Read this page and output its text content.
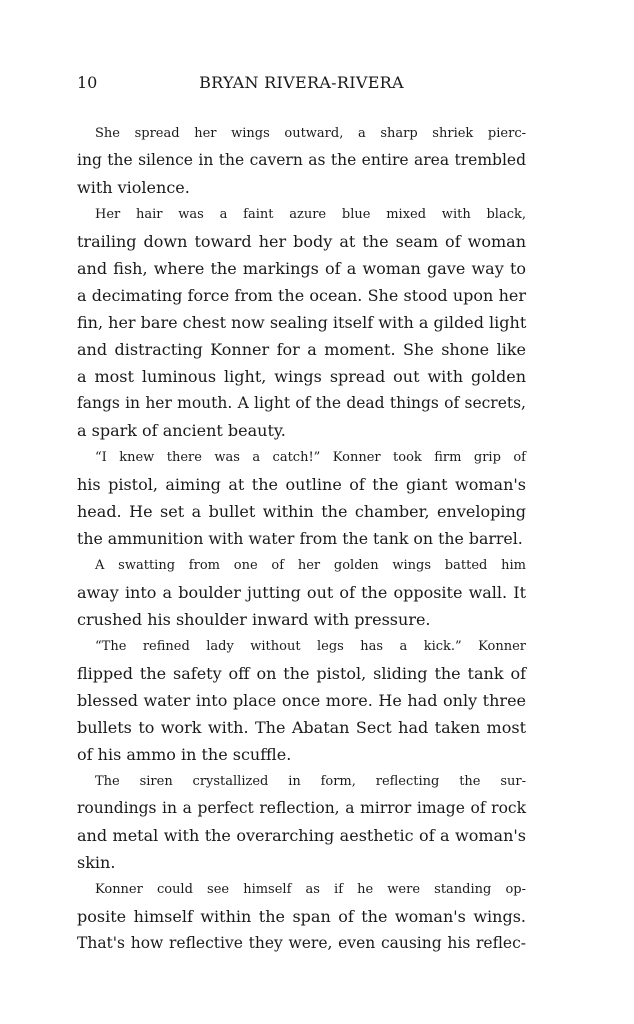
10	BRYAN RIVERA-RIVERA

She spread her wings outward, a sharp shriek pierc-
ing the silence in the cavern as the entire area trembled
with violence.

Her hair was a faint azure blue mixed with black,
trailing down toward her body at the seam of woman
and fish, where the markings of a woman gave way to
a decimating force from the ocean. She stood upon her
fin, her bare chest now sealing itself with a gilded light
and distracting Konner for a moment. She shone like
a most luminous light, wings spread out with golden
fangs in her mouth. A light of the dead things of secrets,
a spark of ancient beauty.

“I knew there was a catch!” Konner took firm grip of
his pistol, aiming at the outline of the giant woman's
head. He set a bullet within the chamber, enveloping
the ammunition with water from the tank on the barrel.

A swatting from one of her golden wings batted him
away into a boulder jutting out of the opposite wall. It
crushed his shoulder inward with pressure.

“The refined lady without legs has a kick.” Konner
flipped the safety off on the pistol, sliding the tank of
blessed water into place once more. He had only three
bullets to work with. The Abatan Sect had taken most
of his ammo in the scuffle.

The siren crystallized in form, reflecting the sur-
roundings in a perfect reflection, a mirror image of rock
and metal with the overarching aesthetic of a woman's
skin.

Konner could see himself as if he were standing op-
posite himself within the span of the woman's wings.
That's how reflective they were, even causing his reflec-
